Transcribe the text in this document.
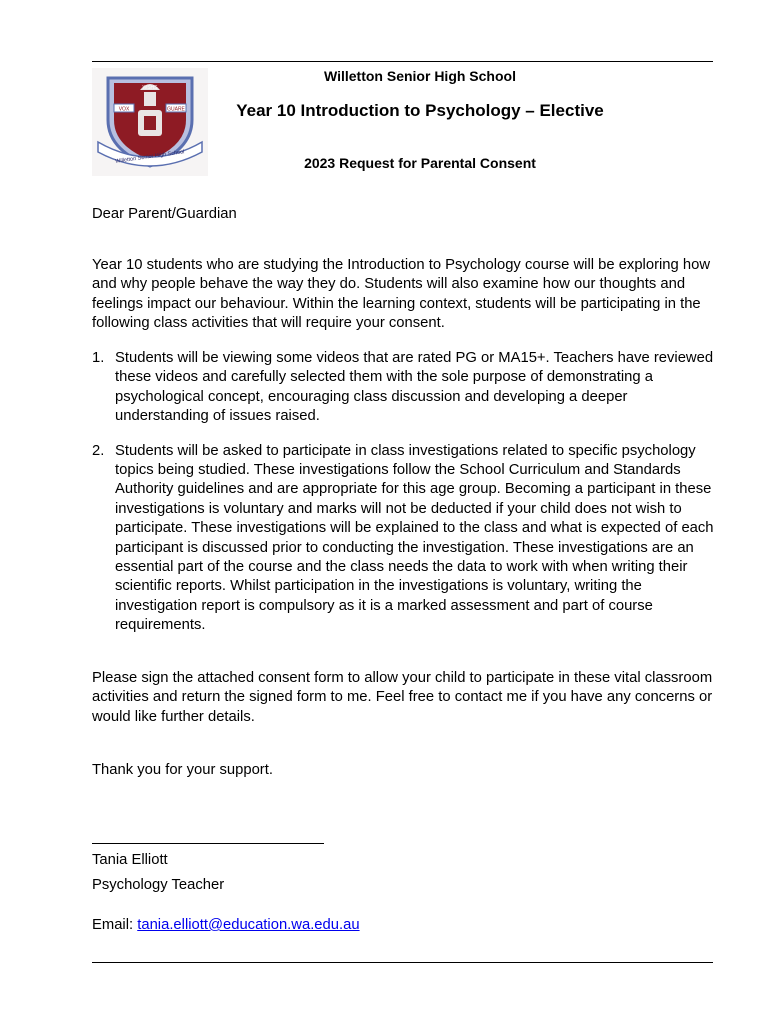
WSHS
VOX	GUARE
Willetton Senior High School
Willetton Senior High School
Year 10 Introduction to Psychology – Elective
2023 Request for Parental Consent
Dear Parent/Guardian
Year 10 students who are studying the Introduction to Psychology course will be exploring how and why people behave the way they do. Students will also examine how our thoughts and feelings impact our behaviour. Within the learning context, students will be participating in the following class activities that will require your consent.
1. Students will be viewing some videos that are rated PG or MA15+. Teachers have reviewed these videos and carefully selected them with the sole purpose of demonstrating a psychological concept, encouraging class discussion and developing a deeper understanding of issues raised.
2. Students will be asked to participate in class investigations related to specific psychology topics being studied. These investigations follow the School Curriculum and Standards Authority guidelines and are appropriate for this age group. Becoming a participant in these investigations is voluntary and marks will not be deducted if your child does not wish to participate. These investigations will be explained to the class and what is expected of each participant is discussed prior to conducting the investigation. These investigations are an essential part of the course and the class needs the data to work with when writing their scientific reports. Whilst participation in the investigations is voluntary, writing the investigation report is compulsory as it is a marked assessment and part of course requirements.
Please sign the attached consent form to allow your child to participate in these vital classroom activities and return the signed form to me. Feel free to contact me if you have any concerns or would like further details.
Thank you for your support.
Tania Elliott
Psychology Teacher
Email: tania.elliott@education.wa.edu.au
